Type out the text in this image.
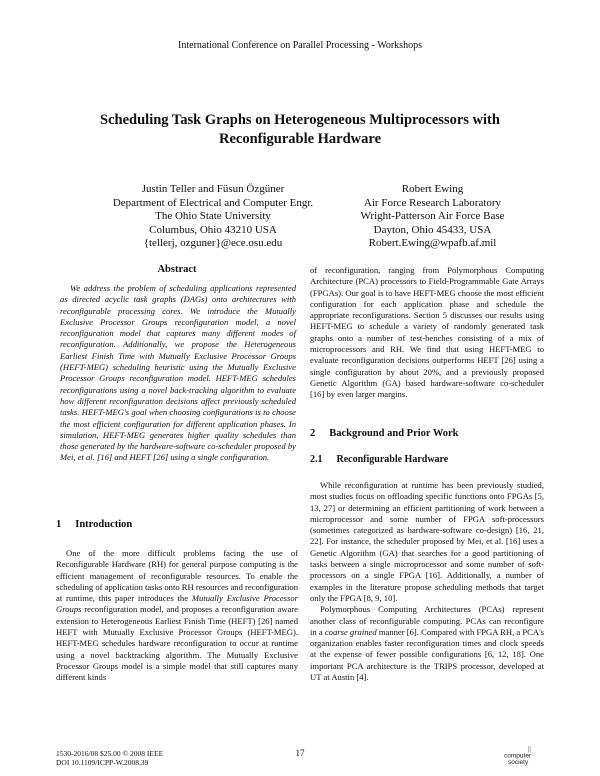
International Conference on Parallel Processing - Workshops
Scheduling Task Graphs on Heterogeneous Multiprocessors with
Reconfigurable Hardware
Justin Teller and Füsun Özgüner
Department of Electrical and Computer Engr.
The Ohio State University
Columbus, Ohio 43210 USA
{tellerj, ozguner}@ece.osu.edu
Robert Ewing
Air Force Research Laboratory
Wright-Patterson Air Force Base
Dayton, Ohio 45433, USA
Robert.Ewing@wpafb.af.mil
Abstract

We address the problem of scheduling applications represented as directed acyclic task graphs (DAGs) onto architectures with reconfigurable processing cores. We introduce the Mutually Exclusive Processor Groups reconfiguration model, a novel reconfiguration model that captures many different modes of reconfiguration. Additionally, we propose the Heterogeneous Earliest Finish Time with Mutually Exclusive Processor Groups (HEFT-MEG) scheduling heuristic using the Mutually Exclusive Processor Groups reconfiguration model. HEFT-MEG schedules reconfigurations using a novel back-tracking algorithm to evaluate how different reconfiguration decisions affect previously scheduled tasks. HEFT-MEG's goal when choosing configurations is to choose the most efficient configuration for different application phases. In simulation, HEFT-MEG generates higher quality schedules than those generated by the hardware-software co-scheduler proposed by Mei, et al. [16] and HEFT [26] using a single configuration.

1 Introduction

One of the more difficult problems facing the use of Reconfigurable Hardware (RH) for general purpose computing is the efficient management of reconfigurable resources. To enable the scheduling of application tasks onto RH resources and reconfiguration at runtime, this paper introduces the Mutually Exclusive Processor Groups reconfiguration model, and proposes a reconfiguration aware extension to Heterogeneous Earliest Finish Time (HEFT) [26] named HEFT with Mutually Exclusive Processor Groups (HEFT-MEG). HEFT-MEG schedules hardware reconfiguration to occur at runtime using a novel backtracking algorithm. The Mutually Exclusive Processor Groups model is a simple model that still captures many different kinds

of reconfiguration, ranging from Polymorphous Computing Architecture (PCA) processors to Field-Programmable Gate Arrays (FPGAs). Our goal is to have HEFT-MEG choose the most efficient configuration for each application phase and schedule the appropriate reconfigurations. Section 5 discusses our results using HEFT-MEG to schedule a variety of randomly generated task graphs onto a number of test-benches consisting of a mix of microprocessors and RH. We find that using HEFT-MEG to evaluate reconfiguration decisions outperforms HEFT [26] using a single configuration by about 20%, and a previously proposed Genetic Algorithm (GA) based hardware-software co-scheduler [16] by even larger margins.

2 Background and Prior Work
2.1 Reconfigurable Hardware

While reconfiguration at runtime has been previously studied, most studies focus on offloading specific functions onto FPGAs [5, 13, 27] or determining an efficient partitioning of work between a microprocessor and some number of FPGA soft-processors (sometimes categorized as hardware-software co-design) [16, 21, 22]. For instance, the scheduler proposed by Mei, et al. [16] uses a Genetic Algorithm (GA) that searches for a good partitioning of tasks between a single microprocessor and some number of soft-processors on a single FPGA [16]. Additionally, a number of examples in the literature propose scheduling methods that target only the FPGA [8, 9, 10].

Polymorphous Computing Architectures (PCAs) represent another class of reconfigurable computing. PCAs can reconfigure in a coarse grained manner [6]. Compared with FPGA RH, a PCA's organization enables faster reconfiguration times and clock speeds at the expense of fewer possible configurations [6, 12, 18]. One important PCA architecture is the TRIPS processor, developed at UT at Austin [4].

1530-2016/08 $25.00 © 2008 IEEE
DOI 10.1109/ICPP-W.2008.39
17	||
computer
society
